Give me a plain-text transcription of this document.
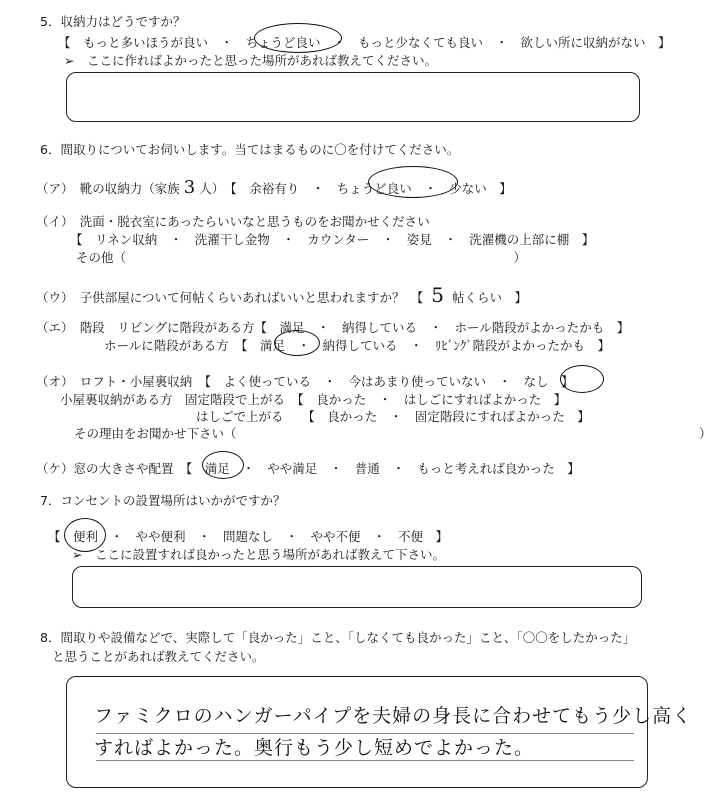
5．収納力はどうですか？
【　もっと多いほうが良い　・　ちょうど良い　・　もっと少なくても良い　・　欲しい所に収納がない　】
➢　ここに作ればよかったと思った場所があれば教えてください。
6．間取りについてお伺いします。当てはまるものに〇を付けてください。
（ア）　靴の収納力（家族 3 人）　【　余裕有り　・　ちょうど良い　・　少ない　】
（イ）　洗面・脱衣室にあったらいいなと思うものをお聞かせください
【　リネン収納　・　洗濯干し金物　・　カウンター　・　姿見　・　洗濯機の上部に棚　】
その他（　　　　　　　　　　　　　　　　　　　　　　　　　　　　　　　）
（ウ）　子供部屋について何帖くらいあればいいと思われますか？　【 5 帖くらい　】
（エ）　階段　リビングに階段がある方【　満足　・　納得している　・　ホール階段がよかったかも　】
ホールに階段がある方　【　満足　・　納得している　・　ﾘﾋﾞﾝｸﾞ階段がよかったかも　】
（オ）　ロフト・小屋裏収納　【　よく使っている　・　今はあまり使っていない　・　なし　】
小屋裏収納がある方　固定階段で上がる　【　良かった　・　はしごにすればよかった　】
はしごで上がる　　【　良かった　・　固定階段にすればよかった　】
その理由をお聞かせ下さい（　　　　　　　　　　　　　　　　　　　　　　　　　　　　　　　　　　　　　）
（ケ）窓の大きさや配置　【　満足　・　やや満足　・　普通　・　もっと考えれば良かった　】
7．コンセントの設置場所はいかがですか？
【　便利　・　やや便利　・　問題なし　・　やや不便　・　不便　】
➢　ここに設置すれば良かったと思う場所があれば教えて下さい。
8．間取りや設備などで、実際して「良かった」こと、「しなくても良かった」こと、「〇〇をしたかった」
と思うことがあれば教えてください。
ファミクロのハンガーパイプを夫婦の身長に合わせてもう少し高く
すればよかった。奥行もう少し短めでよかった。
